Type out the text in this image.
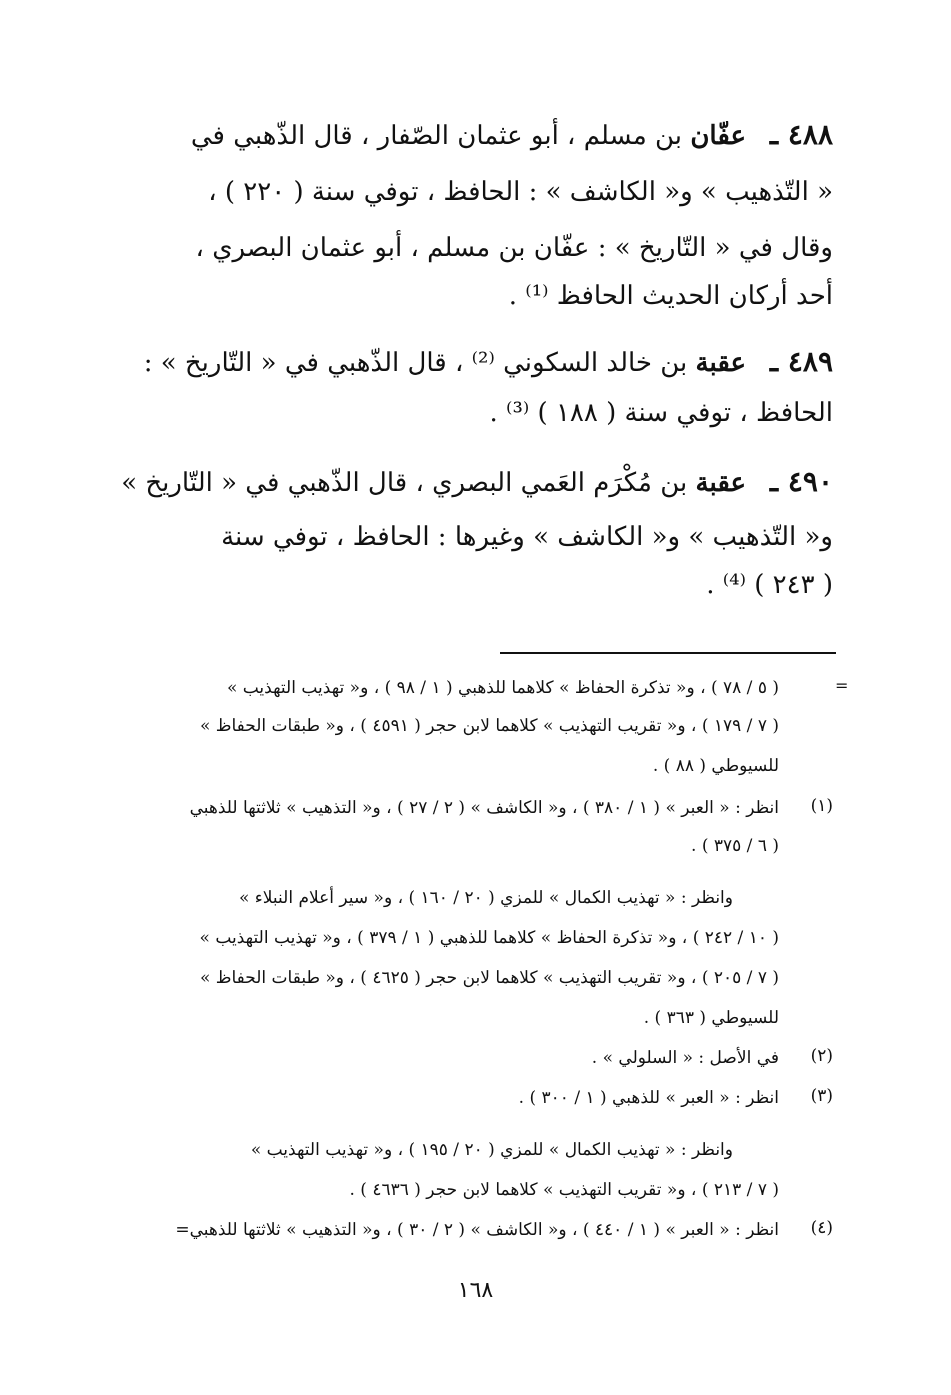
٤٨٨ ـ
عفّان بن مسلم ، أبو عثمان الصّفار ، قال الذّهبي في
« التّذهيب » و« الكاشف » : الحافظ ، توفي سنة ( ٢٢٠ ) ،
وقال في « التّاريخ » : عفّان بن مسلم ، أبو عثمان البصري ،
أحد أركان الحديث الحافظ ⁽¹⁾ .
٤٨٩ ـ
عقبة بن خالد السكوني ⁽²⁾ ، قال الذّهبي في « التّاريخ » :
الحافظ ، توفي سنة ( ١٨٨ ) ⁽³⁾ .
٤٩٠ ـ
عقبة بن مُكْرَم العَمي البصري ، قال الذّهبي في « التّاريخ »
و« التّذهيب » و« الكاشف » وغيرها : الحافظ ، توفي سنة
( ٢٤٣ ) ⁽⁴⁾ .
=
( ٥ / ٧٨ ) ، و« تذكرة الحفاظ » كلاهما للذهبي ( ١ / ٩٨ ) ، و« تهذيب التهذيب »
( ٧ / ١٧٩ ) ، و« تقريب التهذيب » كلاهما لابن حجر ( ٤٥٩١ ) ، و« طبقات الحفاظ »
للسيوطي ( ٨٨ ) .
(١)
انظر : « العبر » ( ١ / ٣٨٠ ) ، و« الكاشف » ( ٢ / ٢٧ ) ، و« التذهيب » ثلاثتها للذهبي
( ٦ / ٣٧٥ ) .
وانظر : « تهذيب الكمال » للمزي ( ٢٠ / ١٦٠ ) ، و« سير أعلام النبلاء »
( ١٠ / ٢٤٢ ) ، و« تذكرة الحفاظ » كلاهما للذهبي ( ١ / ٣٧٩ ) ، و« تهذيب التهذيب »
( ٧ / ٢٠٥ ) ، و« تقريب التهذيب » كلاهما لابن حجر ( ٤٦٢٥ ) ، و« طبقات الحفاظ »
للسيوطي ( ٣٦٣ ) .
(٢)
في الأصل : « السلولي » .
(٣)
انظر : « العبر » للذهبي ( ١ / ٣٠٠ ) .
وانظر : « تهذيب الكمال » للمزي ( ٢٠ / ١٩٥ ) ، و« تهذيب التهذيب »
( ٧ / ٢١٣ ) ، و« تقريب التهذيب » كلاهما لابن حجر ( ٤٦٣٦ ) .
(٤)
انظر : « العبر » ( ١ / ٤٤٠ ) ، و« الكاشف » ( ٢ / ٣٠ ) ، و« التذهيب » ثلاثتها للذهبي=
١٦٨
